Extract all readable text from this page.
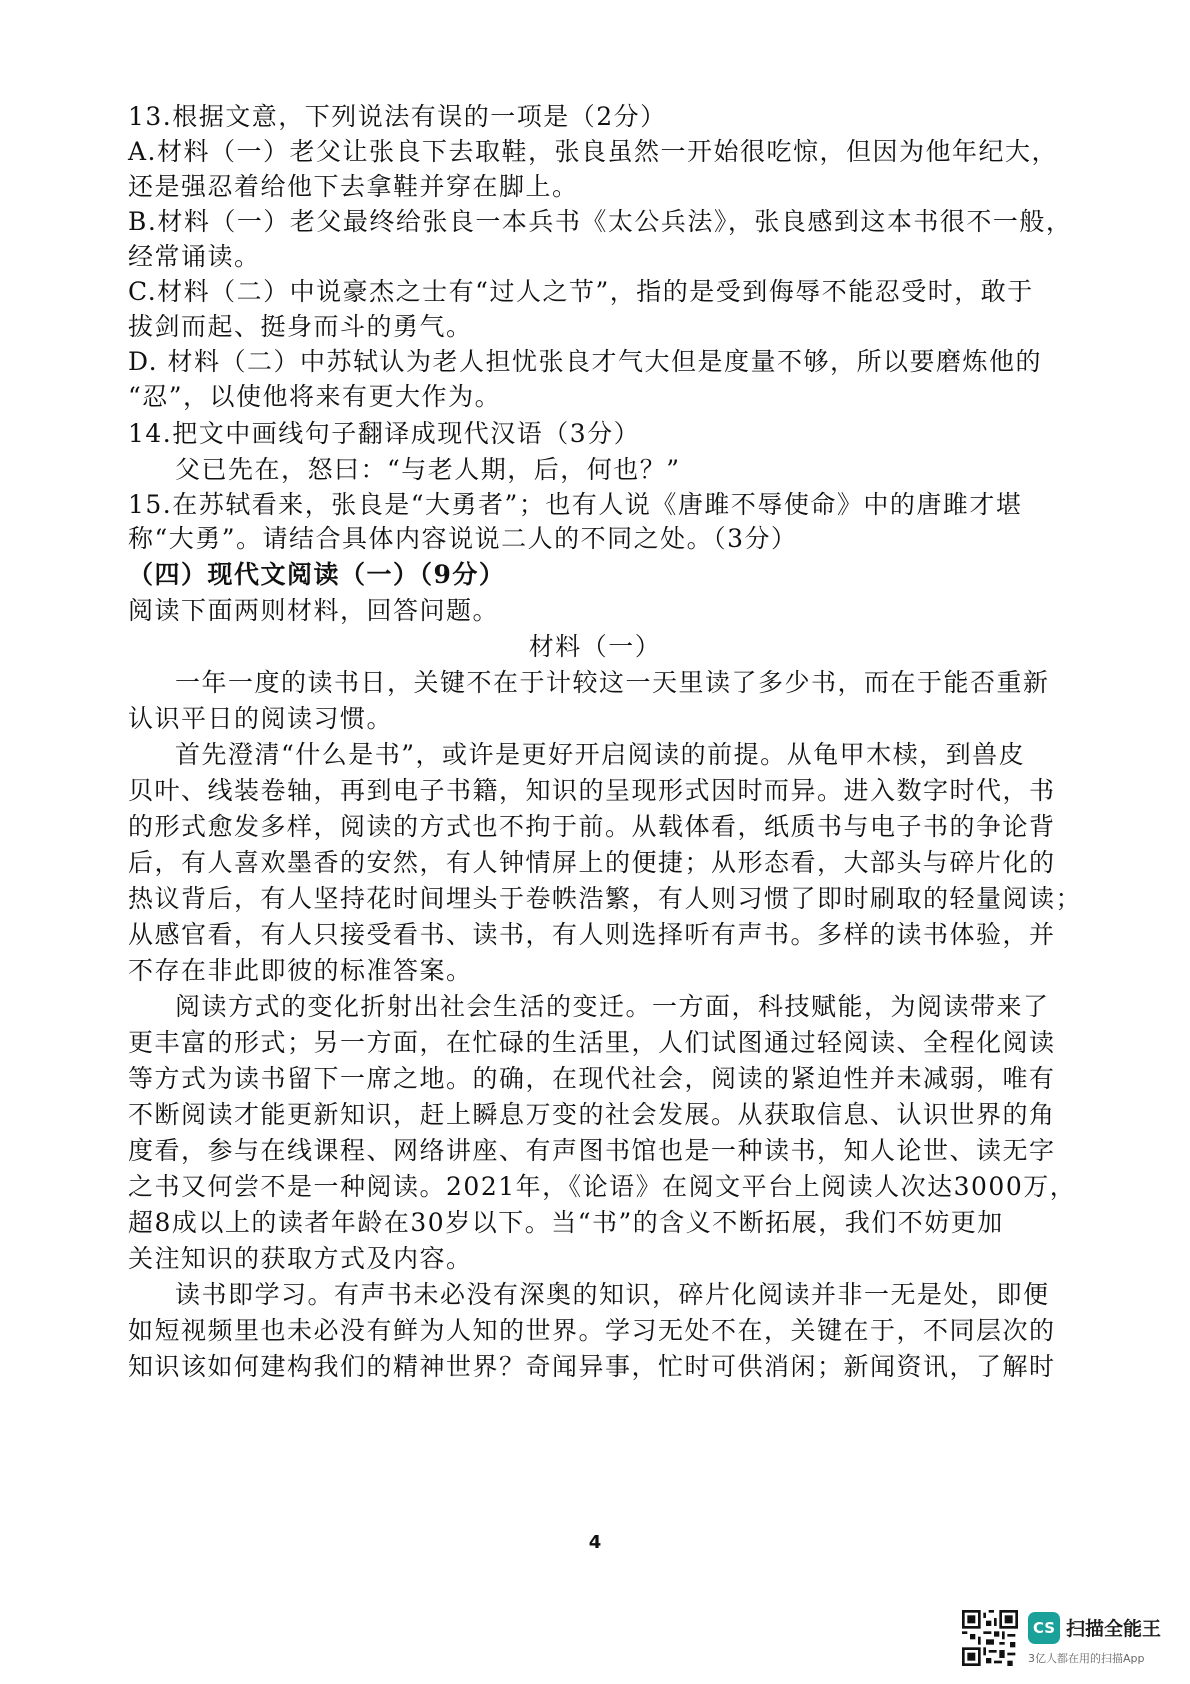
13.根据文意，下列说法有误的一项是（2分）
A.材料（一）老父让张良下去取鞋，张良虽然一开始很吃惊，但因为他年纪大，
还是强忍着给他下去拿鞋并穿在脚上。
B.材料（一）老父最终给张良一本兵书《太公兵法》，张良感到这本书很不一般，
经常诵读。
C.材料（二）中说豪杰之士有“过人之节”，指的是受到侮辱不能忍受时，敢于
拔剑而起、挺身而斗的勇气。
D. 材料（二）中苏轼认为老人担忧张良才气大但是度量不够，所以要磨炼他的
“忍”，以使他将来有更大作为。
14.把文中画线句子翻译成现代汉语（3分）
父已先在，怒曰：“与老人期，后，何也？”
15.在苏轼看来，张良是“大勇者”；也有人说《唐雎不辱使命》中的唐雎才堪
称“大勇”。请结合具体内容说说二人的不同之处。（3分）
（四）现代文阅读（一）（9分）
阅读下面两则材料，回答问题。
材料（一）
一年一度的读书日，关键不在于计较这一天里读了多少书，而在于能否重新
认识平日的阅读习惯。
首先澄清“什么是书”，或许是更好开启阅读的前提。从龟甲木椟，到兽皮
贝叶、线装卷轴，再到电子书籍，知识的呈现形式因时而异。进入数字时代，书
的形式愈发多样，阅读的方式也不拘于前。从载体看，纸质书与电子书的争论背
后，有人喜欢墨香的安然，有人钟情屏上的便捷；从形态看，大部头与碎片化的
热议背后，有人坚持花时间埋头于卷帙浩繁，有人则习惯了即时刷取的轻量阅读；
从感官看，有人只接受看书、读书，有人则选择听有声书。多样的读书体验，并
不存在非此即彼的标准答案。
阅读方式的变化折射出社会生活的变迁。一方面，科技赋能，为阅读带来了
更丰富的形式；另一方面，在忙碌的生活里，人们试图通过轻阅读、全程化阅读
等方式为读书留下一席之地。的确，在现代社会，阅读的紧迫性并未减弱，唯有
不断阅读才能更新知识，赶上瞬息万变的社会发展。从获取信息、认识世界的角
度看，参与在线课程、网络讲座、有声图书馆也是一种读书，知人论世、读无字
之书又何尝不是一种阅读。2021年，《论语》在阅文平台上阅读人次达3000万，
超8成以上的读者年龄在30岁以下。当“书”的含义不断拓展，我们不妨更加
关注知识的获取方式及内容。
读书即学习。有声书未必没有深奥的知识，碎片化阅读并非一无是处，即便
如短视频里也未必没有鲜为人知的世界。学习无处不在，关键在于，不同层次的
知识该如何建构我们的精神世界？奇闻异事，忙时可供消闲；新闻资讯，了解时
4
CS 扫描全能王
3亿人都在用的扫描App
